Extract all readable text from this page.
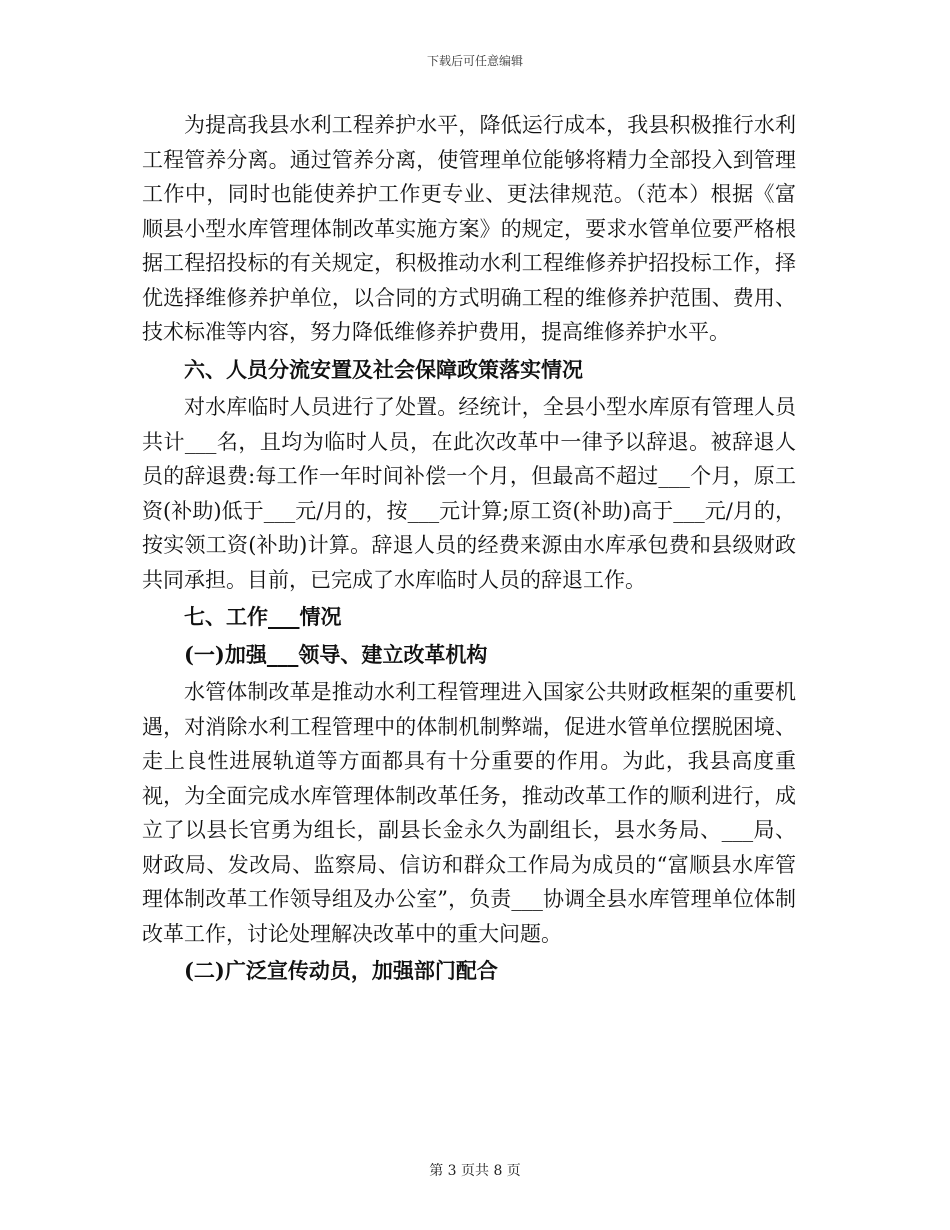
下载后可任意编辑

为提高我县水利工程养护水平，降低运行成本，我县积极推行水利工程管养分离。通过管养分离，使管理单位能够将精力全部投入到管理工作中，同时也能使养护工作更专业、更法律规范。（范本）根据《富顺县小型水库管理体制改革实施方案》的规定，要求水管单位要严格根据工程招投标的有关规定，积极推动水利工程维修养护招投标工作，择优选择维修养护单位，以合同的方式明确工程的维修养护范围、费用、技术标准等内容，努力降低维修养护费用，提高维修养护水平。

六、人员分流安置及社会保障政策落实情况

对水库临时人员进行了处置。经统计，全县小型水库原有管理人员共计___名，且均为临时人员，在此次改革中一律予以辞退。被辞退人员的辞退费:每工作一年时间补偿一个月，但最高不超过___个月，原工资(补助)低于___元/月的，按___元计算;原工资(补助)高于___元/月的，按实领工资(补助)计算。辞退人员的经费来源由水库承包费和县级财政共同承担。目前，已完成了水库临时人员的辞退工作。

七、工作___情况
(一)加强___领导、建立改革机构

水管体制改革是推动水利工程管理进入国家公共财政框架的重要机遇，对消除水利工程管理中的体制机制弊端，促进水管单位摆脱困境、走上良性进展轨道等方面都具有十分重要的作用。为此，我县高度重视，为全面完成水库管理体制改革任务，推动改革工作的顺利进行，成立了以县长官勇为组长，副县长金永久为副组长，县水务局、___局、财政局、发改局、监察局、信访和群众工作局为成员的“富顺县水库管理体制改革工作领导组及办公室”，负责___协调全县水库管理单位体制改革工作，讨论处理解决改革中的重大问题。

(二)广泛宣传动员，加强部门配合
第 3 页共 8 页
